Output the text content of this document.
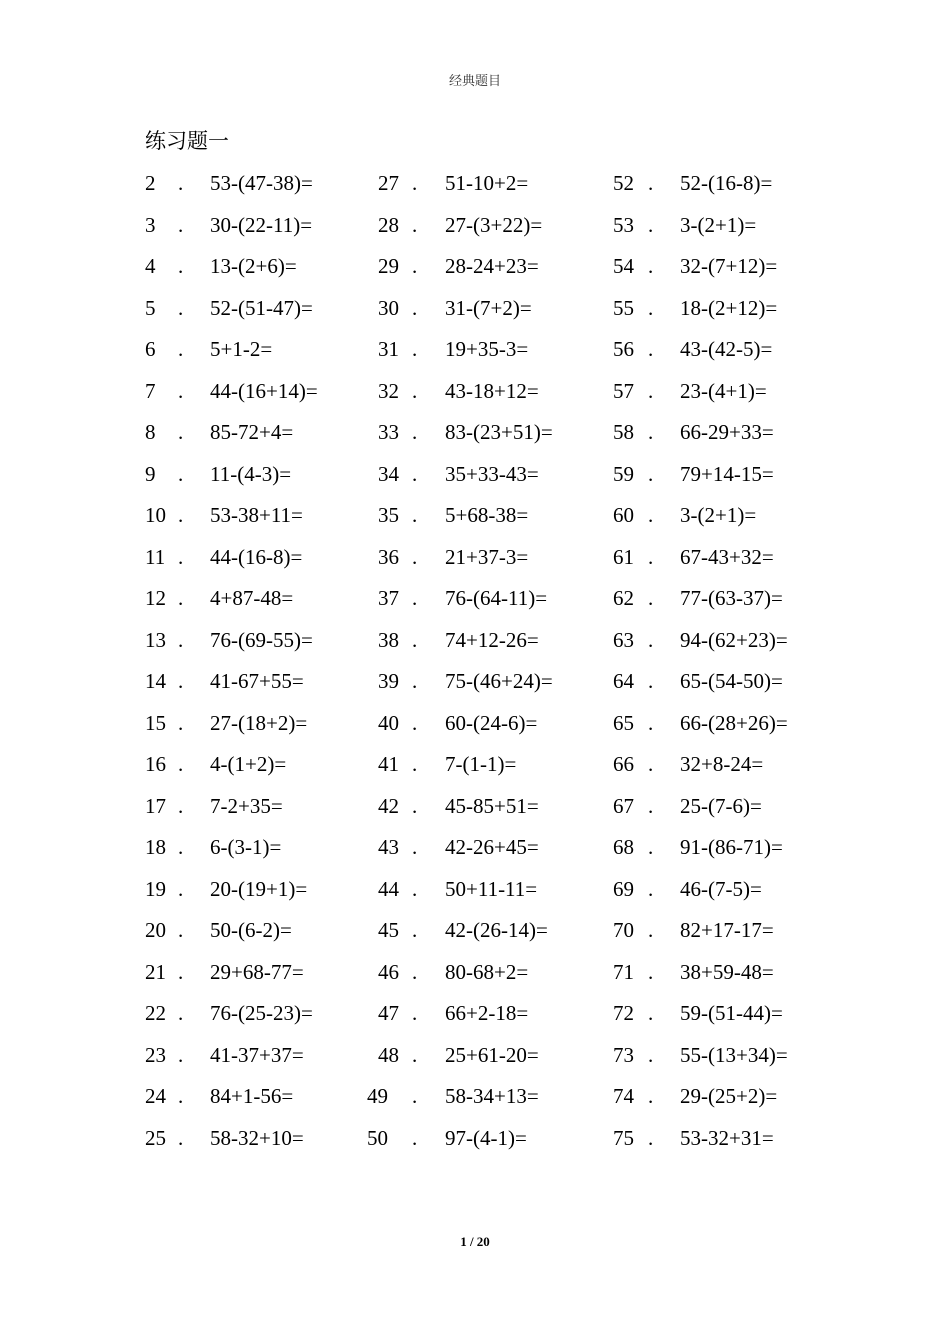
经典题目
练习题一
2 . 53-(47-38)=
3 . 30-(22-11)=
4 . 13-(2+6)=
5 . 52-(51-47)=
6 . 5+1-2=
7 . 44-(16+14)=
8 . 85-72+4=
9 . 11-(4-3)=
10 . 53-38+11=
11 . 44-(16-8)=
12 . 4+87-48=
13 . 76-(69-55)=
14 . 41-67+55=
15 . 27-(18+2)=
16 . 4-(1+2)=
17 . 7-2+35=
18 . 6-(3-1)=
19 . 20-(19+1)=
20 . 50-(6-2)=
21 . 29+68-77=
22 . 76-(25-23)=
23 . 41-37+37=
24 . 84+1-56=
25 . 58-32+10=
27 . 51-10+2=
28 . 27-(3+22)=
29 . 28-24+23=
30 . 31-(7+2)=
31 . 19+35-3=
32 . 43-18+12=
33 . 83-(23+51)=
34 . 35+33-43=
35 . 5+68-38=
36 . 21+37-3=
37 . 76-(64-11)=
38 . 74+12-26=
39 . 75-(46+24)=
40 . 60-(24-6)=
41 . 7-(1-1)=
42 . 45-85+51=
43 . 42-26+45=
44 . 50+11-11=
45 . 42-(26-14)=
46 . 80-68+2=
47 . 66+2-18=
48 . 25+61-20=
49 . 58-34+13=
50 . 97-(4-1)=
52 . 52-(16-8)=
53 . 3-(2+1)=
54 . 32-(7+12)=
55 . 18-(2+12)=
56 . 43-(42-5)=
57 . 23-(4+1)=
58 . 66-29+33=
59 . 79+14-15=
60 . 3-(2+1)=
61 . 67-43+32=
62 . 77-(63-37)=
63 . 94-(62+23)=
64 . 65-(54-50)=
65 . 66-(28+26)=
66 . 32+8-24=
67 . 25-(7-6)=
68 . 91-(86-71)=
69 . 46-(7-5)=
70 . 82+17-17=
71 . 38+59-48=
72 . 59-(51-44)=
73 . 55-(13+34)=
74 . 29-(25+2)=
75 . 53-32+31=
1 / 20
